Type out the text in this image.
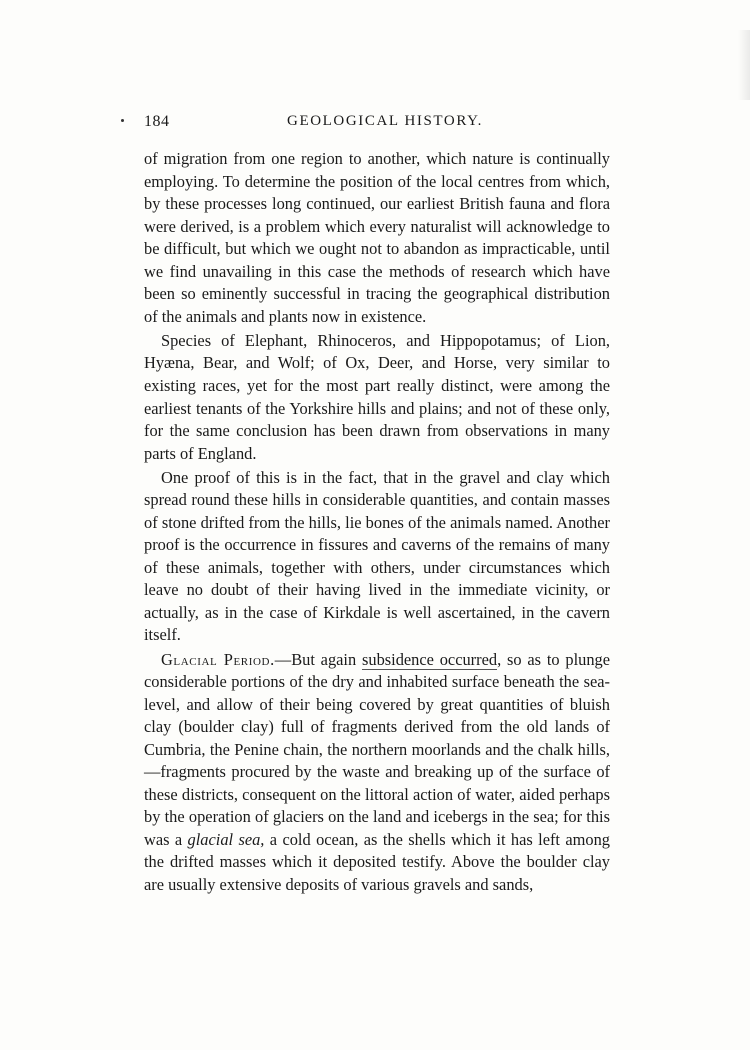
184	GEOLOGICAL HISTORY.

of migration from one region to another, which nature is continually employing. To determine the position of the local centres from which, by these processes long continued, our earliest British fauna and flora were derived, is a problem which every naturalist will acknowledge to be difficult, but which we ought not to abandon as impracticable, until we find unavailing in this case the methods of research which have been so eminently successful in tracing the geographical distribution of the animals and plants now in existence.

Species of Elephant, Rhinoceros, and Hippopotamus; of Lion, Hyæna, Bear, and Wolf; of Ox, Deer, and Horse, very similar to existing races, yet for the most part really distinct, were among the earliest tenants of the Yorkshire hills and plains; and not of these only, for the same conclusion has been drawn from observations in many parts of England.

One proof of this is in the fact, that in the gravel and clay which spread round these hills in considerable quantities, and contain masses of stone drifted from the hills, lie bones of the animals named. Another proof is the occurrence in fissures and caverns of the remains of many of these animals, together with others, under circumstances which leave no doubt of their having lived in the immediate vicinity, or actually, as in the case of Kirkdale is well ascertained, in the cavern itself.

Glacial Period.—But again subsidence occurred, so as to plunge considerable portions of the dry and inhabited surface beneath the sea-level, and allow of their being covered by great quantities of bluish clay (boulder clay) full of fragments derived from the old lands of Cumbria, the Penine chain, the northern moorlands and the chalk hills,—fragments procured by the waste and breaking up of the surface of these districts, consequent on the littoral action of water, aided perhaps by the operation of glaciers on the land and icebergs in the sea; for this was a glacial sea, a cold ocean, as the shells which it has left among the drifted masses which it deposited testify. Above the boulder clay are usually extensive deposits of various gravels and sands,
